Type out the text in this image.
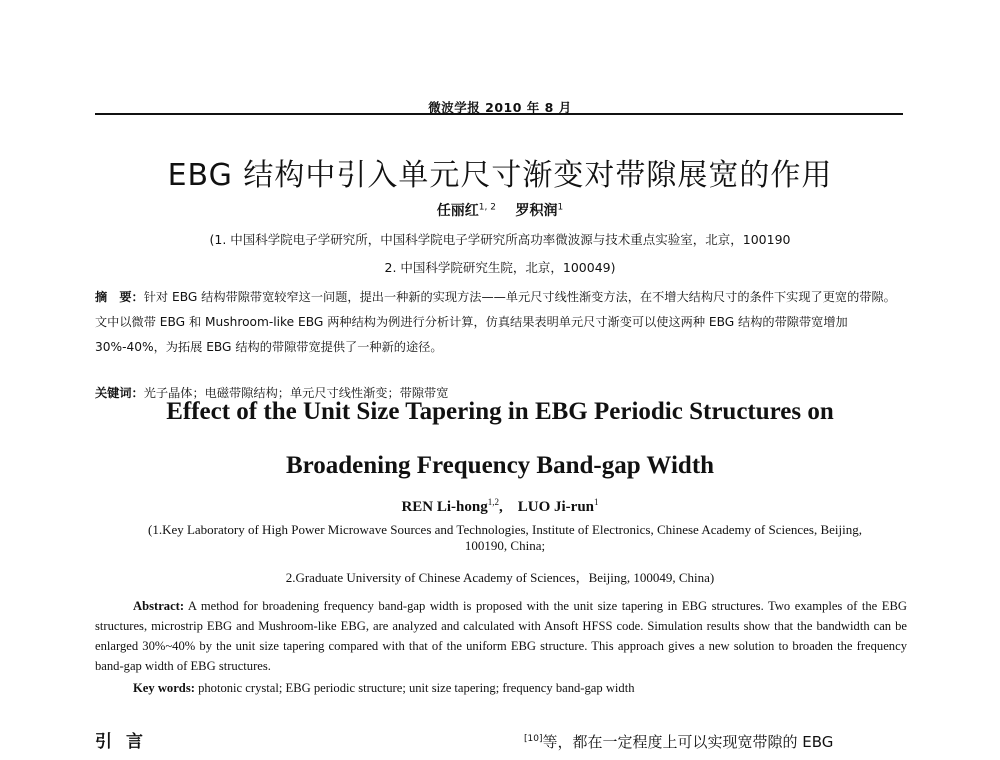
微波学报 2010 年 8 月
EBG 结构中引入单元尺寸渐变对带隙展宽的作用
任丽红$^{1, 2}$ 罗积润$^1$
(1. 中国科学院电子学研究所，中国科学院电子学研究所高功率微波源与技术重点实验室，北京，100190
2. 中国科学院研究生院，北京，100049)
摘　要：针对 EBG 结构带隙带宽较窄这一问题，提出一种新的实现方法——单元尺寸线性渐变方法，在不增大结构尺寸的条件下实现了更宽的带隙。文中以微带 EBG 和 Mushroom-like EBG 两种结构为例进行分析计算，仿真结果表明单元尺寸渐变可以使这两种 EBG 结构的带隙带宽增加 30%-40%，为拓展 EBG 结构的带隙带宽提供了一种新的途径。
关键词：光子晶体；电磁带隙结构；单元尺寸线性渐变；带隙带宽
Effect of the Unit Size Tapering in EBG Periodic Structures on
Broadening Frequency Band-gap Width
REN Li-hong$^{1,2}$, LUO Ji-run$^1$
(1.Key Laboratory of High Power Microwave Sources and Technologies, Institute of Electronics, Chinese Academy of Sciences, Beijing, 100190, China;
2.Graduate University of Chinese Academy of Sciences，Beijing, 100049, China)
Abstract: A method for broadening frequency band-gap width is proposed with the unit size tapering in EBG structures. Two examples of the EBG structures, microstrip EBG and Mushroom-like EBG, are analyzed and calculated with Ansoft HFSS code. Simulation results show that the bandwidth can be enlarged 30%~40% by the unit size tapering compared with that of the uniform EBG structure. This approach gives a new solution to broaden the frequency band-gap width of EBG structures.
Key words: photonic crystal; EBG periodic structure; unit size tapering; frequency band-gap width
引言	[10]等，都在一定程度上可以实现宽带隙的 EBG
